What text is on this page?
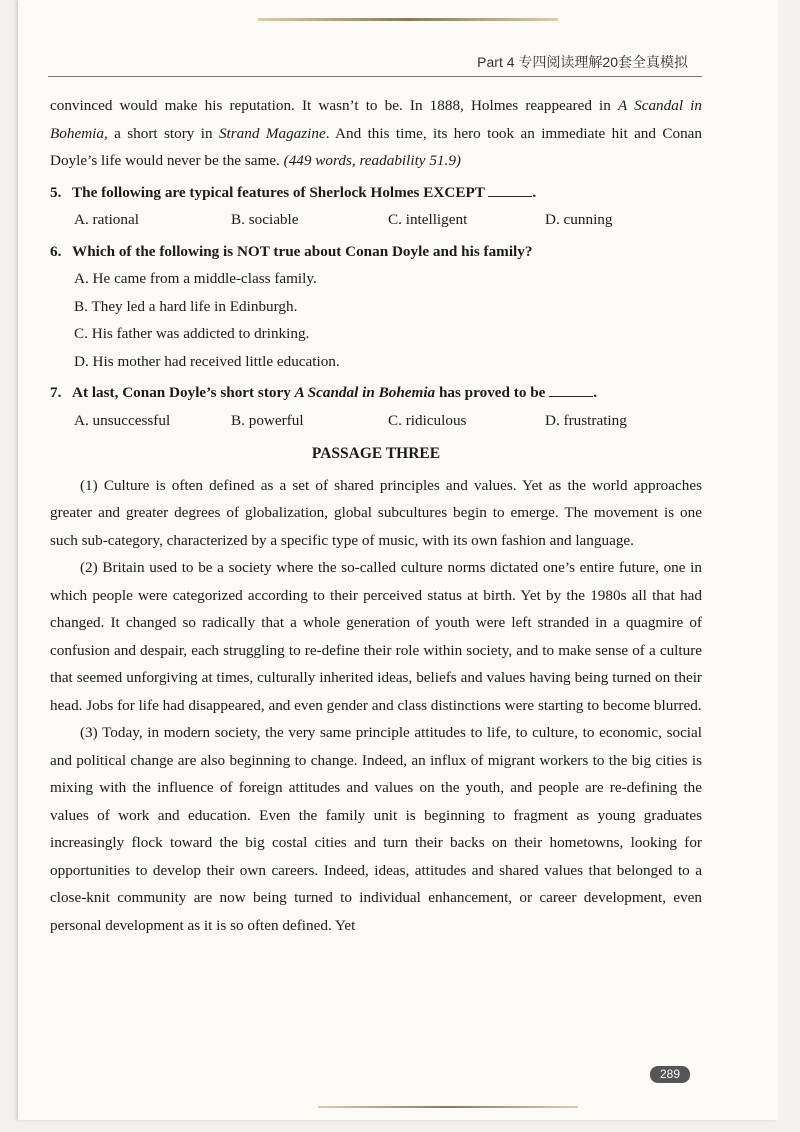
Part 4 专四阅读理解20套全真模拟

convinced would make his reputation. It wasn’t to be. In 1888, Holmes reappeared in A Scandal in Bohemia, a short story in Strand Magazine. And this time, its hero took an immediate hit and Conan Doyle’s life would never be the same. (449 words, readability 51.9)

5. The following are typical features of Sherlock Holmes EXCEPT	.
A. rational	B. sociable	C. intelligent	D. cunning
6. Which of the following is NOT true about Conan Doyle and his family?
A. He came from a middle-class family.
B. They led a hard life in Edinburgh.
C. His father was addicted to drinking.
D. His mother had received little education.
7. At last, Conan Doyle’s short story A Scandal in Bohemia has proved to be	.
A. unsuccessful	B. powerful	C. ridiculous	D. frustrating
PASSAGE THREE

(1) Culture is often defined as a set of shared principles and values. Yet as the world approaches greater and greater degrees of globalization, global subcultures begin to emerge. The movement is one such sub-category, characterized by a specific type of music, with its own fashion and language.

(2) Britain used to be a society where the so-called culture norms dictated one’s entire future, one in which people were categorized according to their perceived status at birth. Yet by the 1980s all that had changed. It changed so radically that a whole generation of youth were left stranded in a quagmire of confusion and despair, each struggling to re-define their role within society, and to make sense of a culture that seemed unforgiving at times, culturally inherited ideas, beliefs and values having being turned on their head. Jobs for life had disappeared, and even gender and class distinctions were starting to become blurred.

(3) Today, in modern society, the very same principle attitudes to life, to culture, to economic, social and political change are also beginning to change. Indeed, an influx of migrant workers to the big cities is mixing with the influence of foreign attitudes and values on the youth, and people are re-defining the values of work and education. Even the family unit is beginning to fragment as young graduates increasingly flock toward the big costal cities and turn their backs on their hometowns, looking for opportunities to develop their own careers. Indeed, ideas, attitudes and shared values that belonged to a close-knit community are now being turned to individual enhancement, or career development, even personal development as it is so often defined. Yet

289
